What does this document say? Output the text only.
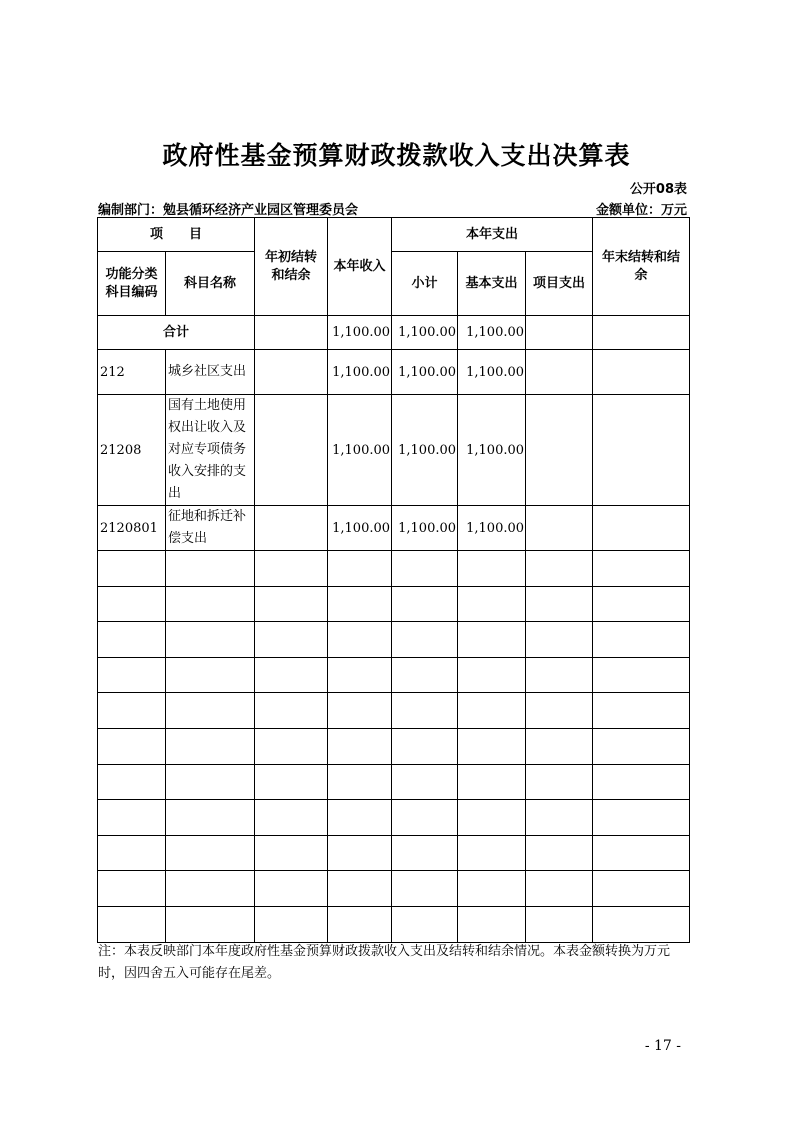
政府性基金预算财政拨款收入支出决算表
公开08表
编制部门：勉县循环经济产业园区管理委员会	金额单位：万元
项　　目		年初结转和结余	本年收入	本年支出			年末结转和结余
功能分类科目编码	科目名称			小计	基本支出	项目支出	
合计			1,100.00	1,100.00	1,100.00		
212	城乡社区支出		1,100.00	1,100.00	1,100.00		
21208	国有土地使用权出让收入及对应专项债务收入安排的支出		1,100.00	1,100.00	1,100.00		
2120801	征地和拆迁补偿支出		1,100.00	1,100.00	1,100.00		

注：本表反映部门本年度政府性基金预算财政拨款收入支出及结转和结余情况。本表金额转换为万元时，因四舍五入可能存在尾差。
- 17 -
